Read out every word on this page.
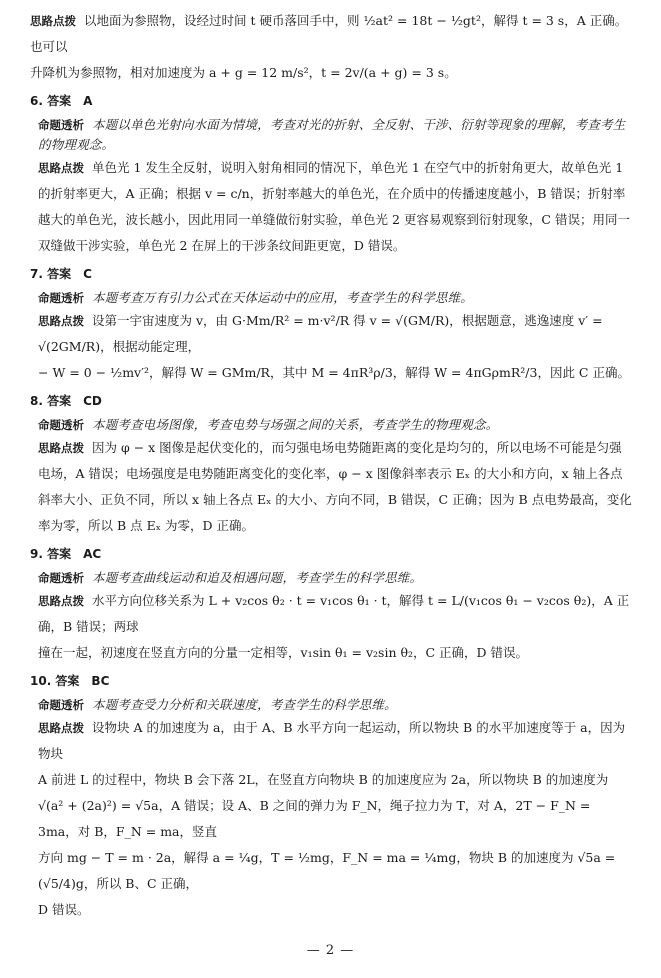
思路点拨 以地面为参照物，设经过时间 t 硬币落回手中，则 ½at² = 18t − ½gt²，解得 t = 3 s，A 正确。也可以

升降机为参照物，相对加速度为 a + g = 12 m/s²，t = 2v/(a + g) = 3 s。

6. 答案　A

命题透析 本题以单色光射向水面为情境，考查对光的折射、全反射、干涉、衍射等现象的理解，考查考生的物理观念。

思路点拨 单色光 1 发生全反射，说明入射角相同的情况下，单色光 1 在空气中的折射角更大，故单色光 1 的折射率更大，A 正确；根据 v = c/n，折射率越大的单色光，在介质中的传播速度越小，B 错误；折射率越大的单色光，波长越小，因此用同一单缝做衍射实验，单色光 2 更容易观察到衍射现象，C 错误；用同一双缝做干涉实验，单色光 2 在屏上的干涉条纹间距更宽，D 错误。

7. 答案　C

命题透析 本题考查万有引力公式在天体运动中的应用，考查学生的科学思维。

思路点拨 设第一宇宙速度为 v，由 G·Mm/R² = m·v²/R 得 v = √(GM/R)，根据题意，逃逸速度 v′ = √(2GM/R)，根据动能定理，

− W = 0 − ½mv′²，解得 W = GMm/R，其中 M = 4πR³ρ/3，解得 W = 4πGρmR²/3，因此 C 正确。

8. 答案　CD

命题透析 本题考查电场图像，考查电势与场强之间的关系，考查学生的物理观念。

思路点拨 因为 φ − x 图像是起伏变化的，而匀强电场电势随距离的变化是均匀的，所以电场不可能是匀强电场，A 错误；电场强度是电势随距离变化的变化率，φ − x 图像斜率表示 Eₓ 的大小和方向，x 轴上各点斜率大小、正负不同，所以 x 轴上各点 Eₓ 的大小、方向不同，B 错误，C 正确；因为 B 点电势最高，变化率为零，所以 B 点 Eₓ 为零，D 正确。

9. 答案　AC

命题透析 本题考查曲线运动和追及相遇问题，考查学生的科学思维。

思路点拨 水平方向位移关系为 L + v₂cos θ₂ · t = v₁cos θ₁ · t，解得 t = L/(v₁cos θ₁ − v₂cos θ₂)，A 正确，B 错误；两球

撞在一起，初速度在竖直方向的分量一定相等，v₁sin θ₁ = v₂sin θ₂，C 正确，D 错误。

10. 答案　BC

命题透析 本题考查受力分析和关联速度，考查学生的科学思维。

思路点拨 设物块 A 的加速度为 a，由于 A、B 水平方向一起运动，所以物块 B 的水平加速度等于 a，因为物块

A 前进 L 的过程中，物块 B 会下落 2L，在竖直方向物块 B 的加速度应为 2a，所以物块 B 的加速度为

√(a² + (2a)²) = √5a，A 错误；设 A、B 之间的弹力为 F_N，绳子拉力为 T，对 A，2T − F_N = 3ma，对 B，F_N = ma，竖直

方向 mg − T = m · 2a，解得 a = ¼g，T = ½mg，F_N = ma = ¼mg，物块 B 的加速度为 √5a = (√5/4)g，所以 B、C 正确，

D 错误。

— 2 —
